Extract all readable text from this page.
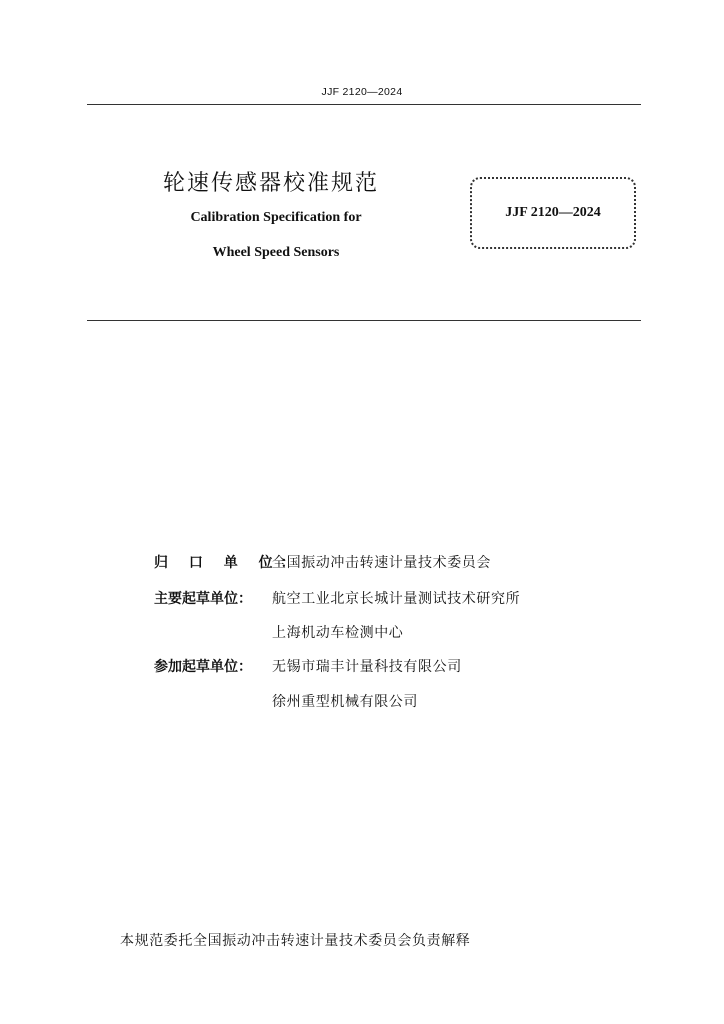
JJF 2120—2024
轮速传感器校准规范
Calibration Specification for
Wheel Speed Sensors
JJF 2120—2024
归 口 单 位：
全国振动冲击转速计量技术委员会
主要起草单位： 航空工业北京长城计量测试技术研究所
上海机动车检测中心
参加起草单位： 无锡市瑞丰计量科技有限公司
徐州重型机械有限公司
本规范委托全国振动冲击转速计量技术委员会负责解释
